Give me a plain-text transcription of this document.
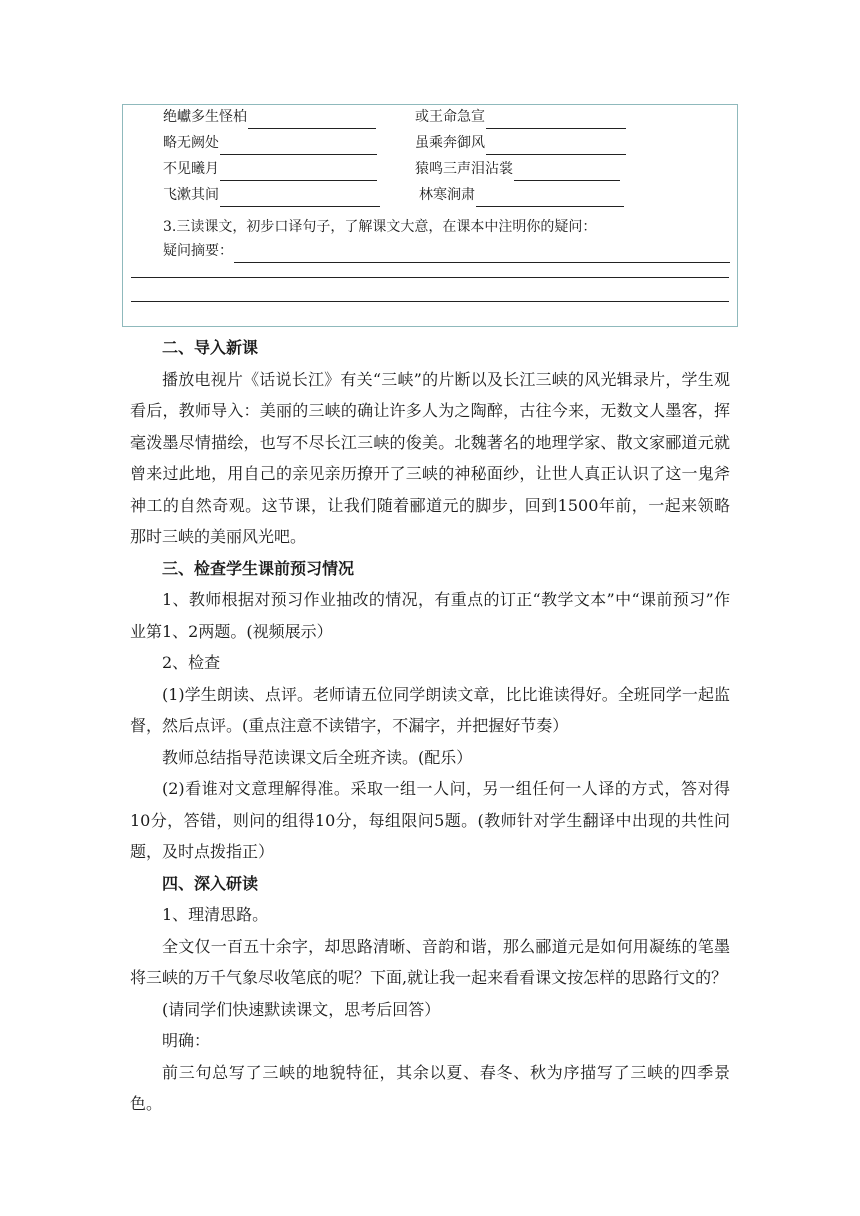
绝巘多生怪柏	或王命急宣
略无阙处	虽乘奔御风
不见曦月	猿鸣三声泪沾裳
飞漱其间	林寒涧肃
3.三读课文，初步口译句子，了解课文大意，在课本中注明你的疑问：
疑问摘要：

二、导入新课

播放电视片《话说长江》有关“三峡”的片断以及长江三峡的风光辑录片，学生观看后，教师导入：美丽的三峡的确让许多人为之陶醉，古往今来，无数文人墨客，挥毫泼墨尽情描绘，也写不尽长江三峡的俊美。北魏著名的地理学家、散文家郦道元就曾来过此地，用自己的亲见亲历撩开了三峡的神秘面纱，让世人真正认识了这一鬼斧神工的自然奇观。这节课，让我们随着郦道元的脚步，回到1500年前，一起来领略那时三峡的美丽风光吧。

三、检查学生课前预习情况

1、教师根据对预习作业抽改的情况，有重点的订正“教学文本”中“课前预习”作业第1、2两题。(视频展示）

2、检查

(1)学生朗读、点评。老师请五位同学朗读文章，比比谁读得好。全班同学一起监督，然后点评。(重点注意不读错字，不漏字，并把握好节奏）

教师总结指导范读课文后全班齐读。(配乐）

(2)看谁对文意理解得准。采取一组一人问，另一组任何一人译的方式，答对得10分，答错，则问的组得10分，每组限问5题。(教师针对学生翻译中出现的共性问题，及时点拨指正）

四、深入研读

1、理清思路。

全文仅一百五十余字，却思路清晰、音韵和谐，那么郦道元是如何用凝练的笔墨将三峡的万千气象尽收笔底的呢？下面,就让我一起来看看课文按怎样的思路行文的？

(请同学们快速默读课文，思考后回答）

明确：

前三句总写了三峡的地貌特征，其余以夏、春冬、秋为序描写了三峡的四季景色。
